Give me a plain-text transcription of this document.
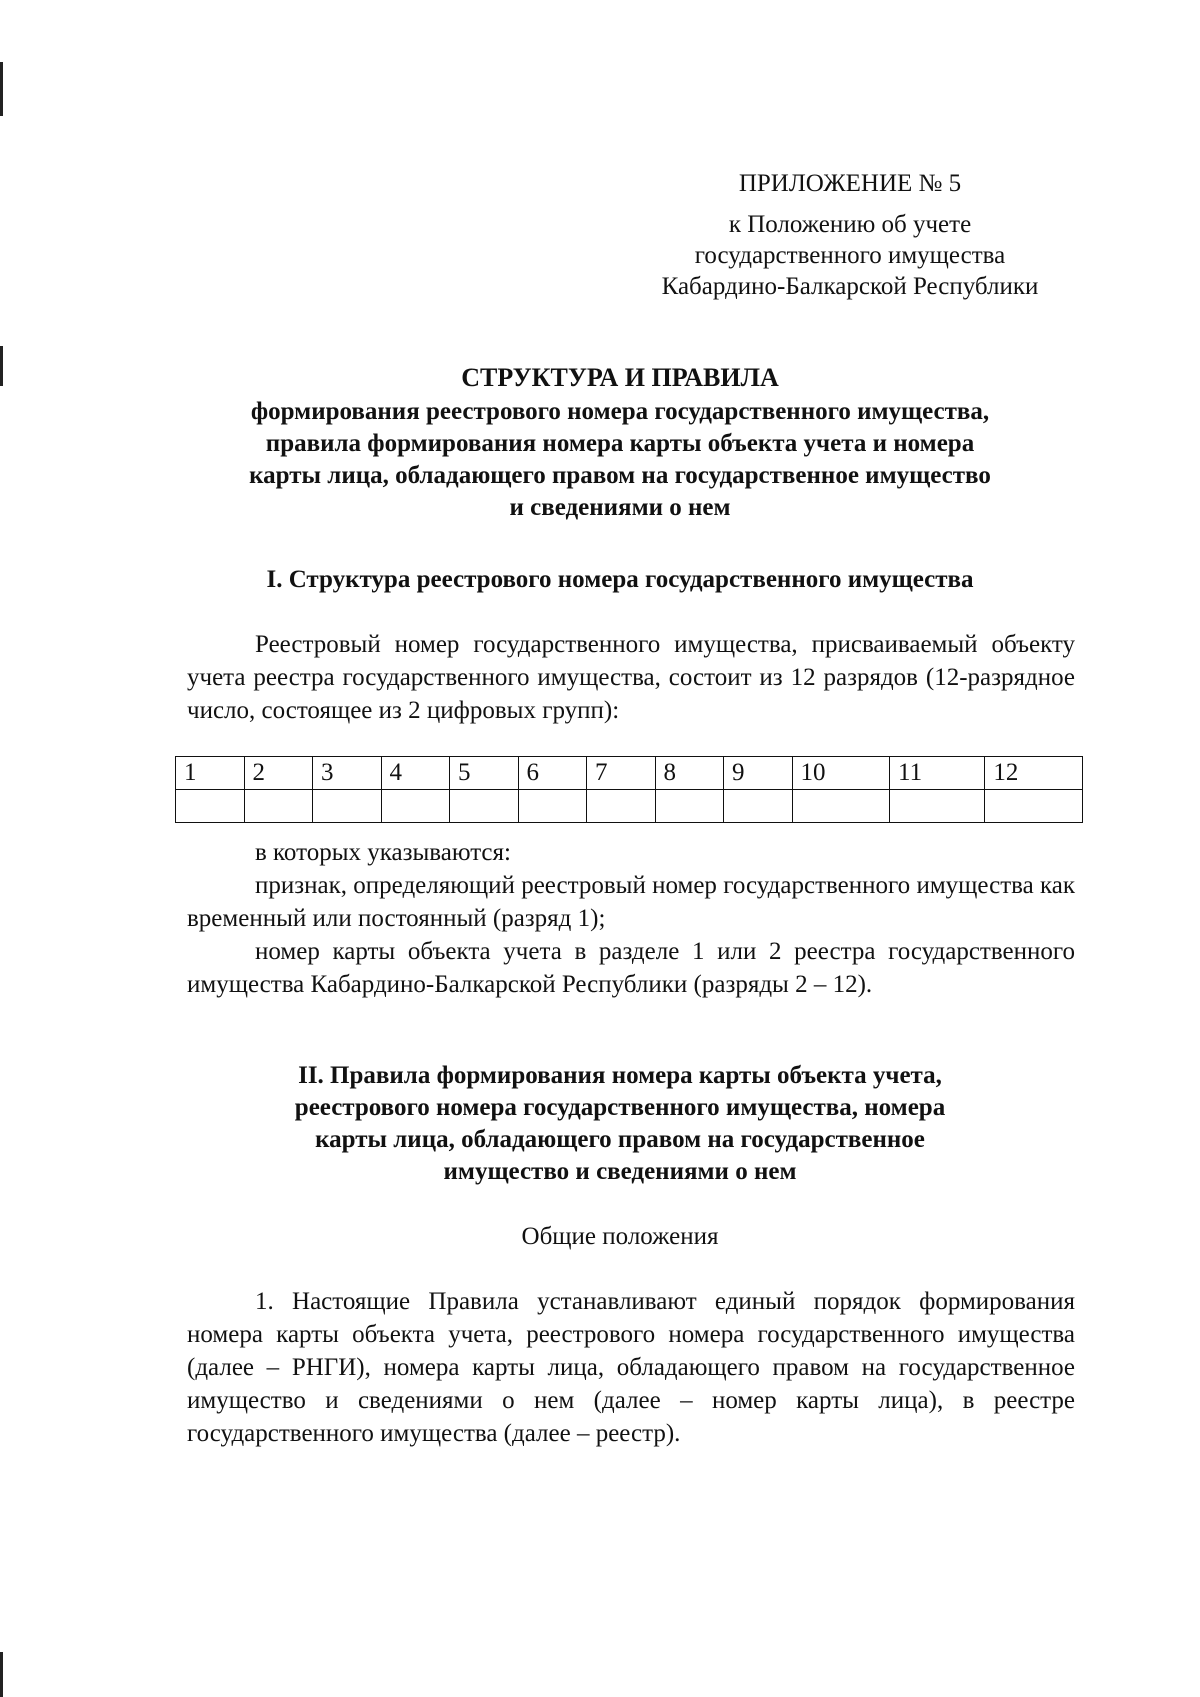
ПРИЛОЖЕНИЕ № 5
к Положению об учете
государственного имущества
Кабардино-Балкарской Республики
СТРУКТУРА И ПРАВИЛА
формирования реестрового номера государственного имущества,
правила формирования номера карты объекта учета и номера
карты лица, обладающего правом на государственное имущество
и сведениями о нем
I. Структура реестрового номера государственного имущества
Реестровый номер государственного имущества, присваиваемый объекту учета реестра государственного имущества, состоит из 12 разрядов (12-разрядное число, состоящее из 2 цифровых групп):
1	2	3	4	5	6	7	8	9	10	11	12

в которых указываются:
признак, определяющий реестровый номер государственного имущества как временный или постоянный (разряд 1);
номер карты объекта учета в разделе 1 или 2 реестра государственного имущества Кабардино-Балкарской Республики (разряды 2 – 12).
II. Правила формирования номера карты объекта учета,
реестрового номера государственного имущества, номера
карты лица, обладающего правом на государственное
имущество и сведениями о нем
Общие положения
1. Настоящие Правила устанавливают единый порядок формирования номера карты объекта учета, реестрового номера государственного имущества (далее – РНГИ), номера карты лица, обладающего правом на государственное имущество и сведениями о нем (далее – номер карты лица), в реестре государственного имущества (далее – реестр).
